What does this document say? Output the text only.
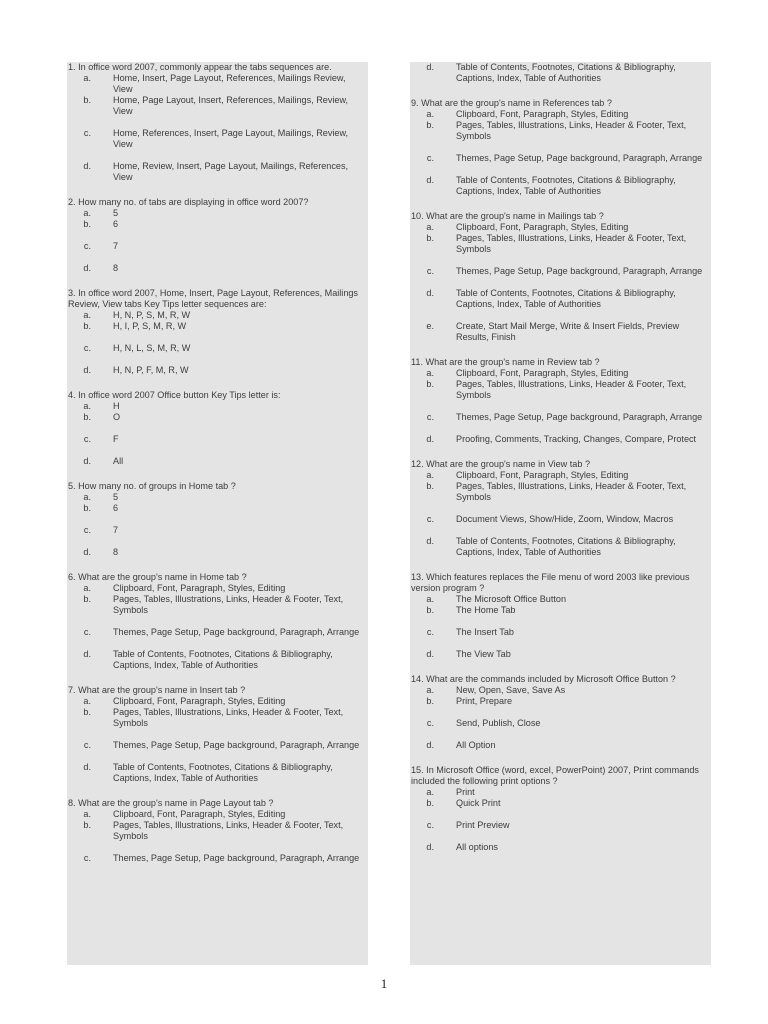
1. In office word 2007, commonly appear the tabs sequences are.
a.	Home, Insert, Page Layout, References, Mailings Review, View
b.	Home, Page Layout, Insert, References, Mailings, Review, View
c.	Home, References, Insert, Page Layout, Mailings, Review, View
d.	Home, Review, Insert, Page Layout, Mailings, References, View
2. How many no. of tabs are displaying in office word 2007?
a.	5
b.	6
c.	7
d.	8
3. In office word 2007, Home, Insert, Page Layout, References, Mailings Review, View tabs Key Tips letter sequences are:
a.	H, N, P, S, M, R, W
b.	H, I, P, S, M, R, W
c.	H, N, L, S, M, R, W
d.	H, N, P, F, M, R, W
4. In office word 2007 Office button Key Tips letter is:
a.	H
b.	O
c.	F
d.	All
5. How many no. of groups in Home tab ?
a.	5
b.	6
c.	7
d.	8
6. What are the group's name in Home tab ?
a.	Clipboard, Font, Paragraph, Styles, Editing
b.	Pages, Tables, Illustrations, Links, Header & Footer, Text, Symbols
c.	Themes, Page Setup, Page background, Paragraph, Arrange
d.	Table of Contents, Footnotes, Citations & Bibliography, Captions, Index, Table of Authorities
7. What are the group's name in Insert tab ?
a.	Clipboard, Font, Paragraph, Styles, Editing
b.	Pages, Tables, Illustrations, Links, Header & Footer, Text, Symbols
c.	Themes, Page Setup, Page background, Paragraph, Arrange
d.	Table of Contents, Footnotes, Citations & Bibliography, Captions, Index, Table of Authorities
8. What are the group's name in Page Layout tab ?
a.	Clipboard, Font, Paragraph, Styles, Editing
b.	Pages, Tables, Illustrations, Links, Header & Footer, Text, Symbols
c.	Themes, Page Setup, Page background, Paragraph, Arrange
d.	Table of Contents, Footnotes, Citations & Bibliography, Captions, Index, Table of Authorities
9. What are the group's name in References tab ?
a.	Clipboard, Font, Paragraph, Styles, Editing
b.	Pages, Tables, Illustrations, Links, Header & Footer, Text, Symbols
c.	Themes, Page Setup, Page background, Paragraph, Arrange
d.	Table of Contents, Footnotes, Citations & Bibliography, Captions, Index, Table of Authorities
10. What are the group's name in Mailings tab ?
a.	Clipboard, Font, Paragraph, Styles, Editing
b.	Pages, Tables, Illustrations, Links, Header & Footer, Text, Symbols
c.	Themes, Page Setup, Page background, Paragraph, Arrange
d.	Table of Contents, Footnotes, Citations & Bibliography, Captions, Index, Table of Authorities
e.	Create, Start Mail Merge, Write & Insert Fields, Preview Results, Finish
11. What are the group's name in Review tab ?
a.	Clipboard, Font, Paragraph, Styles, Editing
b.	Pages, Tables, Illustrations, Links, Header & Footer, Text, Symbols
c.	Themes, Page Setup, Page background, Paragraph, Arrange
d.	Proofing, Comments, Tracking, Changes, Compare, Protect
12. What are the group's name in View tab ?
a.	Clipboard, Font, Paragraph, Styles, Editing
b.	Pages, Tables, Illustrations, Links, Header & Footer, Text, Symbols
c.	Document Views, Show/Hide, Zoom, Window, Macros
d.	Table of Contents, Footnotes, Citations & Bibliography, Captions, Index, Table of Authorities
13. Which features replaces the File menu of word 2003 like previous version program ?
a.	The Microsoft Office Button
b.	The Home Tab
c.	The Insert Tab
d.	The View Tab
14. What are the commands included by Microsoft Office Button ?
a.	New, Open, Save, Save As
b.	Print, Prepare
c.	Send, Publish, Close
d.	All Option
15. In Microsoft Office (word, excel, PowerPoint) 2007, Print commands included the following print options ?
a.	Print
b.	Quick Print
c.	Print Preview
d.	All options
1
